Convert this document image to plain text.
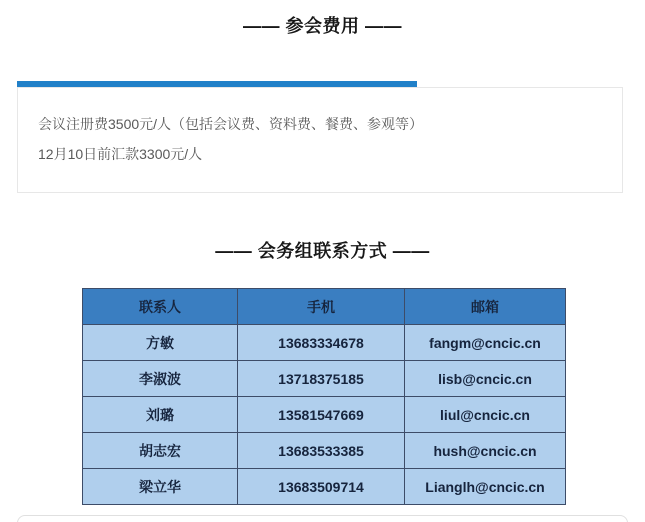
—— 参会费用 ——

会议注册费3500元/人（包括会议费、资料费、餐费、参观等）

12月10日前汇款3300元/人

—— 会务组联系方式 ——
联系人	手机	邮箱
方敏	13683334678	fangm@cncic.cn
李淑波	13718375185	lisb@cncic.cn
刘璐	13581547669	liul@cncic.cn
胡志宏	13683533385	hush@cncic.cn
梁立华	13683509714	Lianglh@cncic.cn
